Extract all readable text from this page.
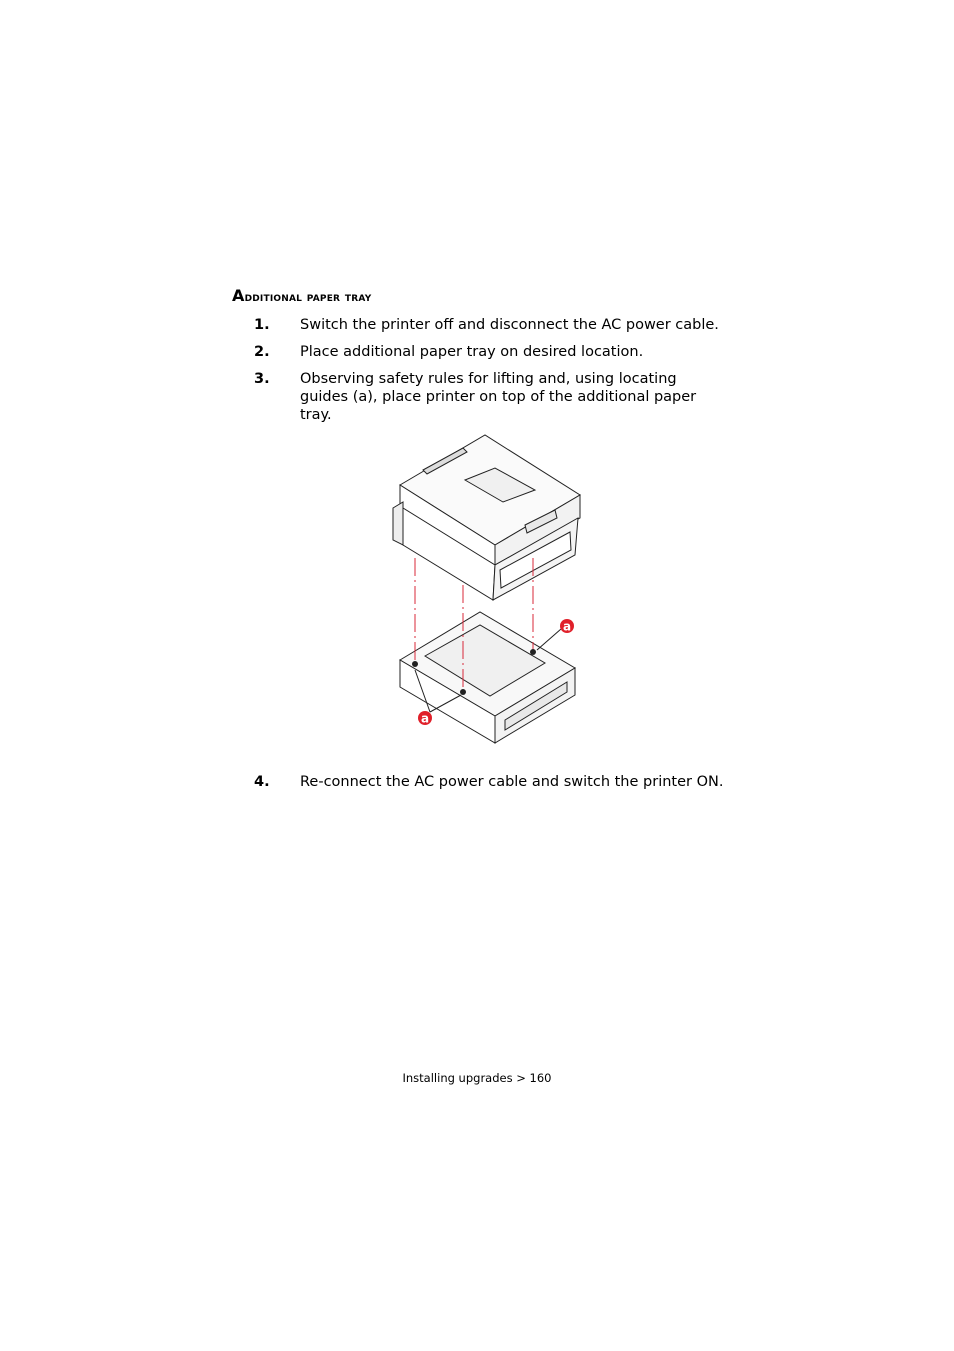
Additional paper tray
1. Switch the printer off and disconnect the AC power cable.
2. Place additional paper tray on desired location.
3. Observing safety rules for lifting and, using locating guides (a), place printer on top of the additional paper tray.
a
a
4. Re-connect the AC power cable and switch the printer ON.
Installing upgrades > 160
